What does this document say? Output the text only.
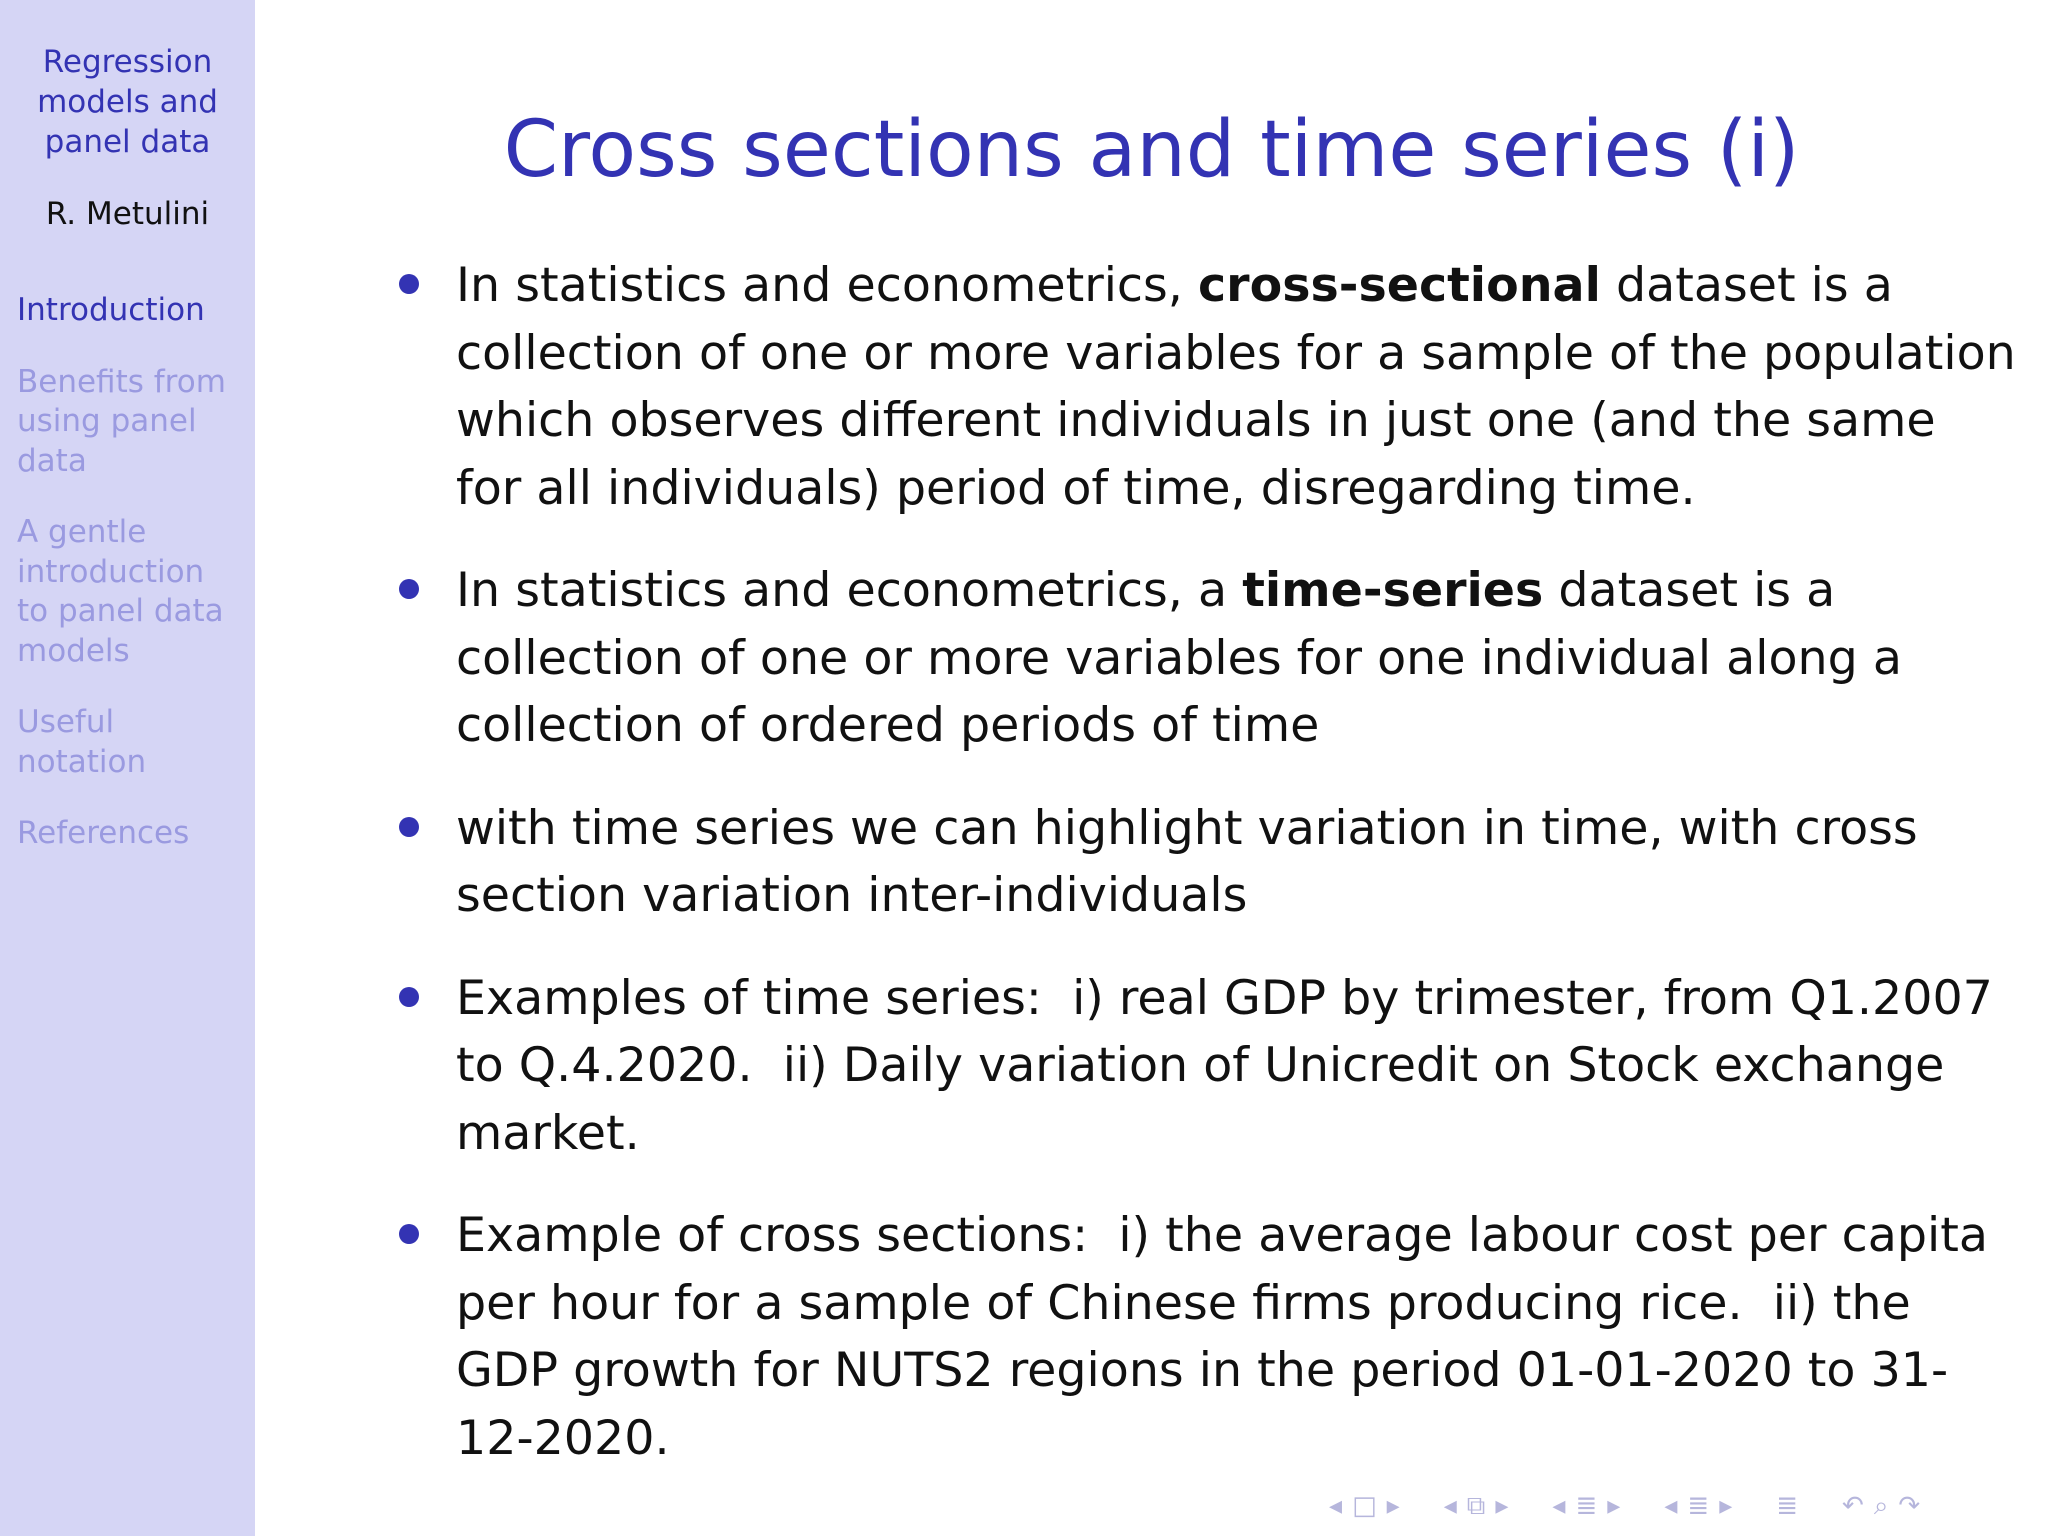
Regression
models and
panel data
R. Metulini
Introduction
Benefits from
using panel
data
A gentle
introduction
to panel data
models
Useful
notation
References
Cross sections and time series (i)
In statistics and econometrics, cross-sectional dataset is a collection of one or more variables for a sample of the population which observes different individuals in just one (and the same for all individuals) period of time, disregarding time.
In statistics and econometrics, a time-series dataset is a collection of one or more variables for one individual along a collection of ordered periods of time
with time series we can highlight variation in time, with cross section variation inter-individuals
Examples of time series:  i) real GDP by trimester, from Q1.2007 to Q.4.2020.  ii) Daily variation of Unicredit on Stock exchange market.
Example of cross sections:  i) the average labour cost per capita per hour for a sample of Chinese firms producing rice.  ii) the GDP growth for NUTS2 regions in the period 01-01-2020 to 31-12-2020.
◂ □ ▸ ◂ ⧉ ▸ ◂ ≣ ▸ ◂ ≣ ▸ ≣ ↶ ⌕ ↷
